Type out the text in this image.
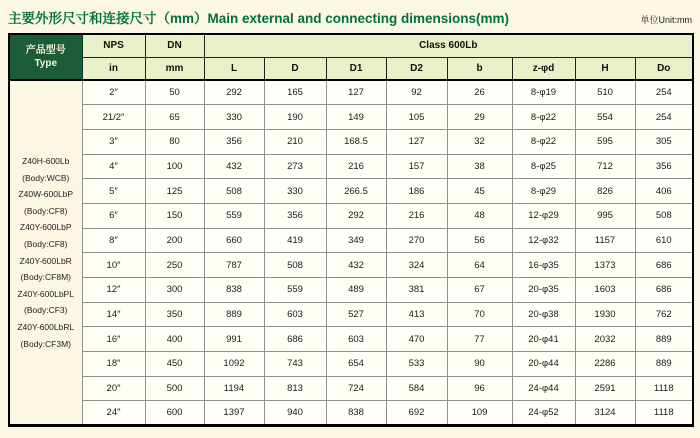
主要外形尺寸和连接尺寸（mm）Main external and connecting dimensions(mm)	单位Unit:mm
产品型号
Type	NPS	DN	Class 600Lb							
	in	mm	L	D	D1	D2	b	z-φd	H	Do

Z40H-600Lb
(Body:WCB)
Z40W-600LbP
(Body:CF8)
Z40Y-600LbP
(Body:CF8)
Z40Y-600LbR
(Body:CF8M)
Z40Y-600LbPL
(Body:CF3)
Z40Y-600LbRL
(Body:CF3M)
	2″	50	292	165	127	92	26	8-φ19	510	254
	21/2″	65	330	190	149	105	29	8-φ22	554	254
	3″	80	356	210	168.5	127	32	8-φ22	595	305
	4″	100	432	273	216	157	38	8-φ25	712	356
	5″	125	508	330	266.5	186	45	8-φ29	826	406
	6″	150	559	356	292	216	48	12-φ29	995	508
	8″	200	660	419	349	270	56	12-φ32	1157	610
	10″	250	787	508	432	324	64	16-φ35	1373	686
	12″	300	838	559	489	381	67	20-φ35	1603	686
	14″	350	889	603	527	413	70	20-φ38	1930	762
	16″	400	991	686	603	470	77	20-φ41	2032	889
	18″	450	1092	743	654	533	90	20-φ44	2286	889
	20″	500	1194	813	724	584	96	24-φ44	2591	1118
	24″	600	1397	940	838	692	109	24-φ52	3124	1118
